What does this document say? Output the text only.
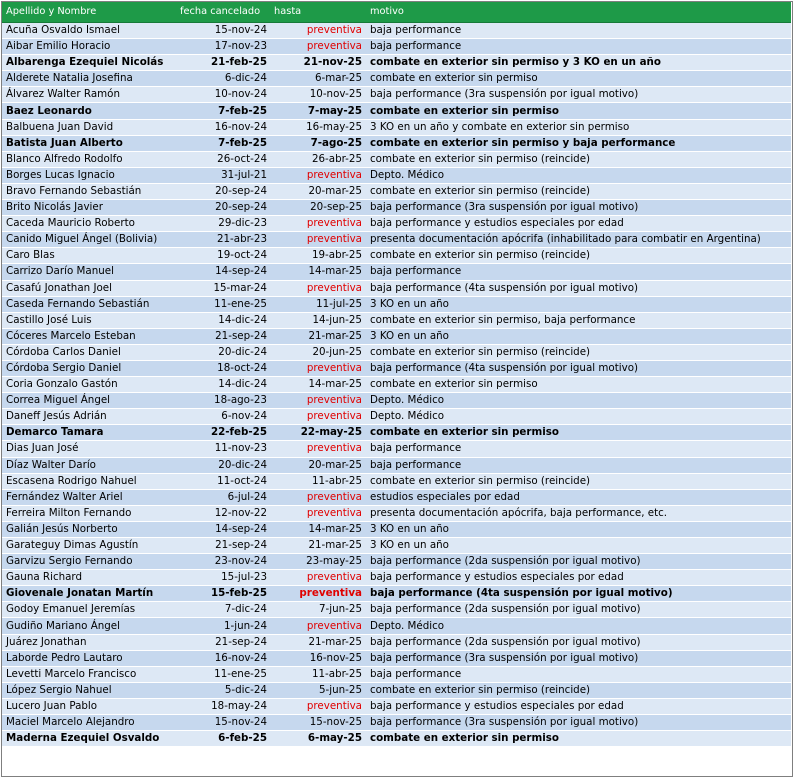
Apellido y Nombre	fecha cancelado	hasta	motivo
Acuña Osvaldo Ismael	15-nov-24	preventiva	baja performance
Aibar Emilio Horacio	17-nov-23	preventiva	baja performance
Albarenga Ezequiel Nicolás	21-feb-25	21-nov-25	combate en exterior sin permiso y 3 KO en un año
Alderete Natalia Josefina	6-dic-24	6-mar-25	combate en exterior sin permiso
Álvarez Walter Ramón	10-nov-24	10-nov-25	baja performance (3ra suspensión por igual motivo)
Baez Leonardo	7-feb-25	7-may-25	combate en exterior sin permiso
Balbuena Juan David	16-nov-24	16-may-25	3 KO en un año y combate en exterior sin permiso
Batista Juan Alberto	7-feb-25	7-ago-25	combate en exterior sin permiso y baja performance
Blanco Alfredo Rodolfo	26-oct-24	26-abr-25	combate en exterior sin permiso (reincide)
Borges Lucas Ignacio	31-jul-21	preventiva	Depto. Médico
Bravo Fernando Sebastián	20-sep-24	20-mar-25	combate en exterior sin permiso (reincide)
Brito Nicolás Javier	20-sep-24	20-sep-25	baja performance (3ra suspensión por igual motivo)
Caceda Mauricio Roberto	29-dic-23	preventiva	baja performance y estudios especiales por edad
Canido Miguel Ángel (Bolivia)	21-abr-23	preventiva	presenta documentación apócrifa (inhabilitado para combatir en Argentina)
Caro Blas	19-oct-24	19-abr-25	combate en exterior sin permiso (reincide)
Carrizo Darío Manuel	14-sep-24	14-mar-25	baja performance
Casafú Jonathan Joel	15-mar-24	preventiva	baja performance (4ta suspensión por igual motivo)
Caseda Fernando Sebastián	11-ene-25	11-jul-25	3 KO en un año
Castillo José Luis	14-dic-24	14-jun-25	combate en exterior sin permiso, baja performance
Cóceres Marcelo Esteban	21-sep-24	21-mar-25	3 KO en un año
Córdoba Carlos Daniel	20-dic-24	20-jun-25	combate en exterior sin permiso (reincide)
Córdoba Sergio Daniel	18-oct-24	preventiva	baja performance (4ta suspensión por igual motivo)
Coria Gonzalo Gastón	14-dic-24	14-mar-25	combate en exterior sin permiso
Correa Miguel Ángel	18-ago-23	preventiva	Depto. Médico
Daneff Jesús Adrián	6-nov-24	preventiva	Depto. Médico
Demarco Tamara	22-feb-25	22-may-25	combate en exterior sin permiso
Dias Juan José	11-nov-23	preventiva	baja performance
Díaz Walter Darío	20-dic-24	20-mar-25	baja performance
Escasena Rodrigo Nahuel	11-oct-24	11-abr-25	combate en exterior sin permiso (reincide)
Fernández Walter Ariel	6-jul-24	preventiva	estudios especiales por edad
Ferreira Milton Fernando	12-nov-22	preventiva	presenta documentación apócrifa, baja performance, etc.
Galián Jesús Norberto	14-sep-24	14-mar-25	3 KO en un año
Garateguy Dimas Agustín	21-sep-24	21-mar-25	3 KO en un año
Garvizu Sergio Fernando	23-nov-24	23-may-25	baja performance (2da suspensión por igual motivo)
Gauna Richard	15-jul-23	preventiva	baja performance y estudios especiales por edad
Giovenale Jonatan Martín	15-feb-25	preventiva	baja performance (4ta suspensión por igual motivo)
Godoy Emanuel Jeremías	7-dic-24	7-jun-25	baja performance (2da suspensión por igual motivo)
Gudiño Mariano Ángel	1-jun-24	preventiva	Depto. Médico
Juárez Jonathan	21-sep-24	21-mar-25	baja performance (2da suspensión por igual motivo)
Laborde Pedro Lautaro	16-nov-24	16-nov-25	baja performance (3ra suspensión por igual motivo)
Levetti Marcelo Francisco	11-ene-25	11-abr-25	baja performance
López Sergio Nahuel	5-dic-24	5-jun-25	combate en exterior sin permiso (reincide)
Lucero Juan Pablo	18-may-24	preventiva	baja performance y estudios especiales por edad
Maciel Marcelo Alejandro	15-nov-24	15-nov-25	baja performance (3ra suspensión por igual motivo)
Maderna Ezequiel Osvaldo	6-feb-25	6-may-25	combate en exterior sin permiso
